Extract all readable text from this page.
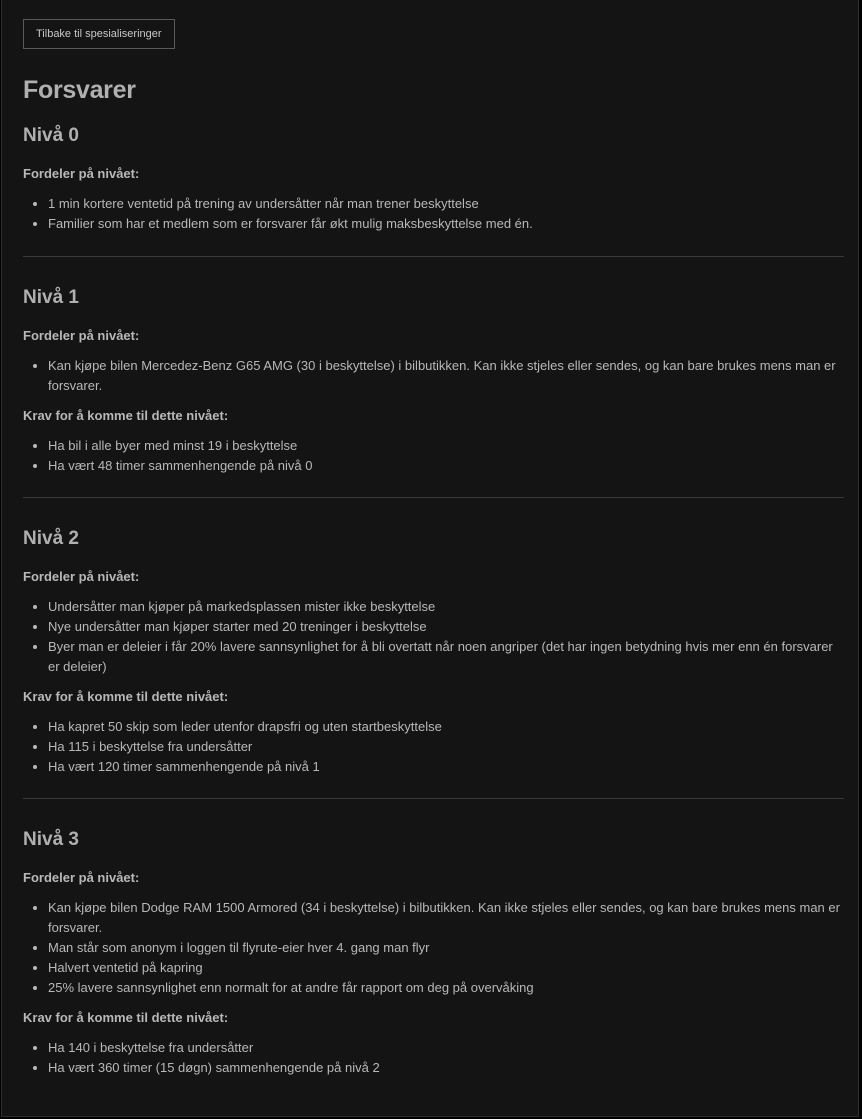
Tilbake til spesialiseringer
Forsvarer
Nivå 0
Fordeler på nivået:
• 1 min kortere ventetid på trening av undersåtter når man trener beskyttelse
• Familier som har et medlem som er forsvarer får økt mulig maksbeskyttelse med én.
Nivå 1
Fordeler på nivået:
• Kan kjøpe bilen Mercedez-Benz G65 AMG (30 i beskyttelse) i bilbutikken. Kan ikke stjeles eller sendes, og kan bare brukes mens man er forsvarer.
Krav for å komme til dette nivået:
• Ha bil i alle byer med minst 19 i beskyttelse
• Ha vært 48 timer sammenhengende på nivå 0
Nivå 2
Fordeler på nivået:
• Undersåtter man kjøper på markedsplassen mister ikke beskyttelse
• Nye undersåtter man kjøper starter med 20 treninger i beskyttelse
• Byer man er deleier i får 20% lavere sannsynlighet for å bli overtatt når noen angriper (det har ingen betydning hvis mer enn én forsvarer er deleier)
Krav for å komme til dette nivået:
• Ha kapret 50 skip som leder utenfor drapsfri og uten startbeskyttelse
• Ha 115 i beskyttelse fra undersåtter
• Ha vært 120 timer sammenhengende på nivå 1
Nivå 3
Fordeler på nivået:
• Kan kjøpe bilen Dodge RAM 1500 Armored (34 i beskyttelse) i bilbutikken. Kan ikke stjeles eller sendes, og kan bare brukes mens man er forsvarer.
• Man står som anonym i loggen til flyrute-eier hver 4. gang man flyr
• Halvert ventetid på kapring
• 25% lavere sannsynlighet enn normalt for at andre får rapport om deg på overvåking
Krav for å komme til dette nivået:
• Ha 140 i beskyttelse fra undersåtter
• Ha vært 360 timer (15 døgn) sammenhengende på nivå 2
